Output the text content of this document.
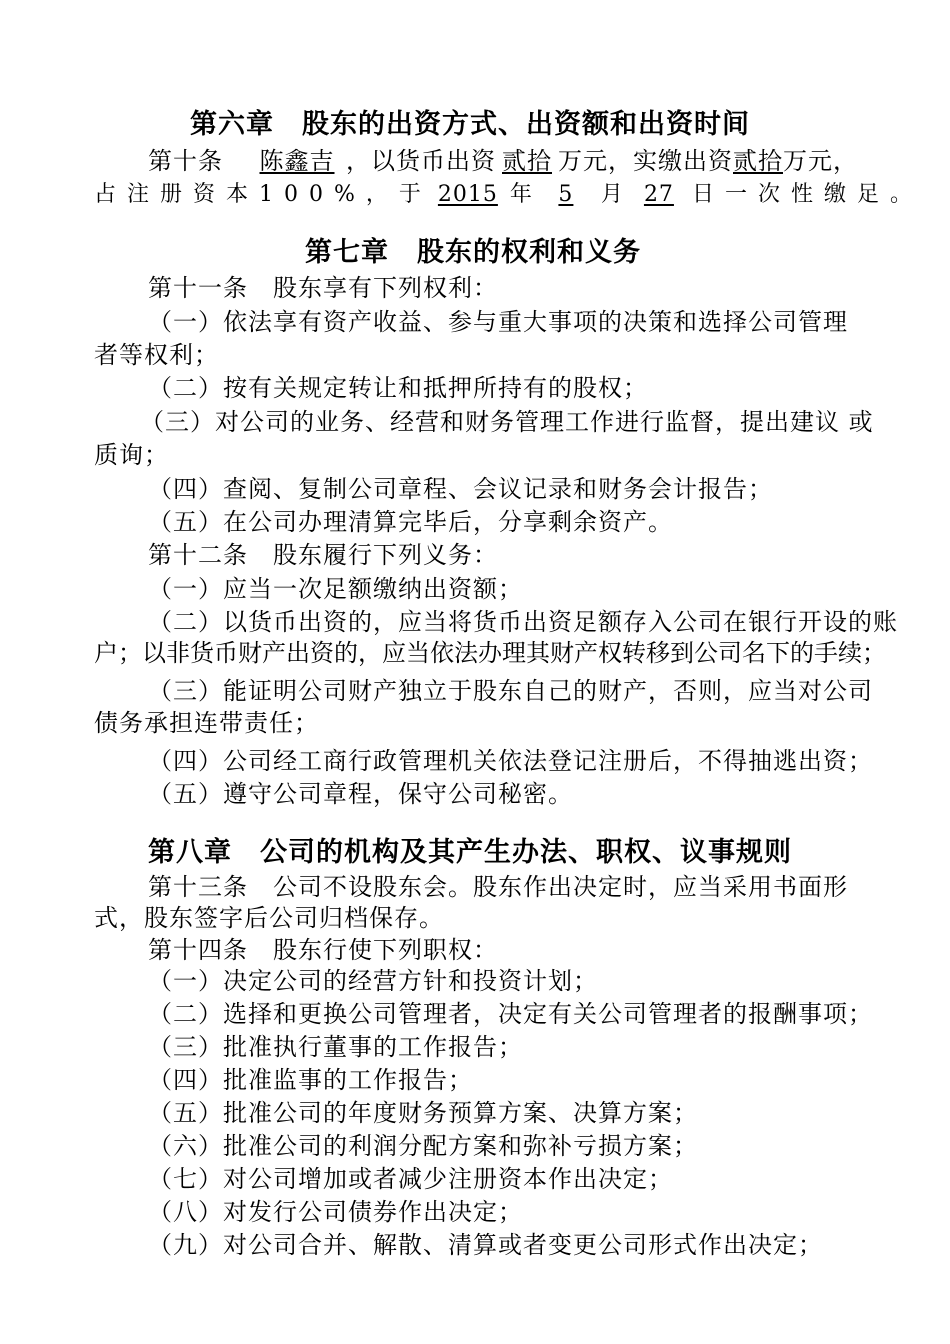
第六章　股东的出资方式、出资额和出资时间
第十条　陈鑫吉 ，以货币出资 贰拾 万元，实缴出资贰拾万元，
占注册资本100%，于 2015 年 5 月 27 日一次性缴足。
第七章　股东的权利和义务
第十一条　股东享有下列权利：
（一）依法享有资产收益、参与重大事项的决策和选择公司管理
者等权利；
（二）按有关规定转让和抵押所持有的股权；
（三）对公司的业务、经营和财务管理工作进行监督，提出建议 或
质询；
（四）查阅、复制公司章程、会议记录和财务会计报告；
（五）在公司办理清算完毕后，分享剩余资产。
第十二条　股东履行下列义务：
（一）应当一次足额缴纳出资额；
（二）以货币出资的，应当将货币出资足额存入公司在银行开设的账
户；以非货币财产出资的，应当依法办理其财产权转移到公司名下的手续；
（三）能证明公司财产独立于股东自己的财产，否则，应当对公司
债务承担连带责任；
（四）公司经工商行政管理机关依法登记注册后，不得抽逃出资；
（五）遵守公司章程，保守公司秘密。
第八章　公司的机构及其产生办法、职权、议事规则
第十三条　公司不设股东会。股东作出决定时，应当采用书面形
式，股东签字后公司归档保存。
第十四条　股东行使下列职权：
（一）决定公司的经营方针和投资计划；
（二）选择和更换公司管理者，决定有关公司管理者的报酬事项；
（三）批准执行董事的工作报告；
（四）批准监事的工作报告；
（五）批准公司的年度财务预算方案、决算方案；
（六）批准公司的利润分配方案和弥补亏损方案；
（七）对公司增加或者减少注册资本作出决定；
（八）对发行公司债券作出决定；
（九）对公司合并、解散、清算或者变更公司形式作出决定；
